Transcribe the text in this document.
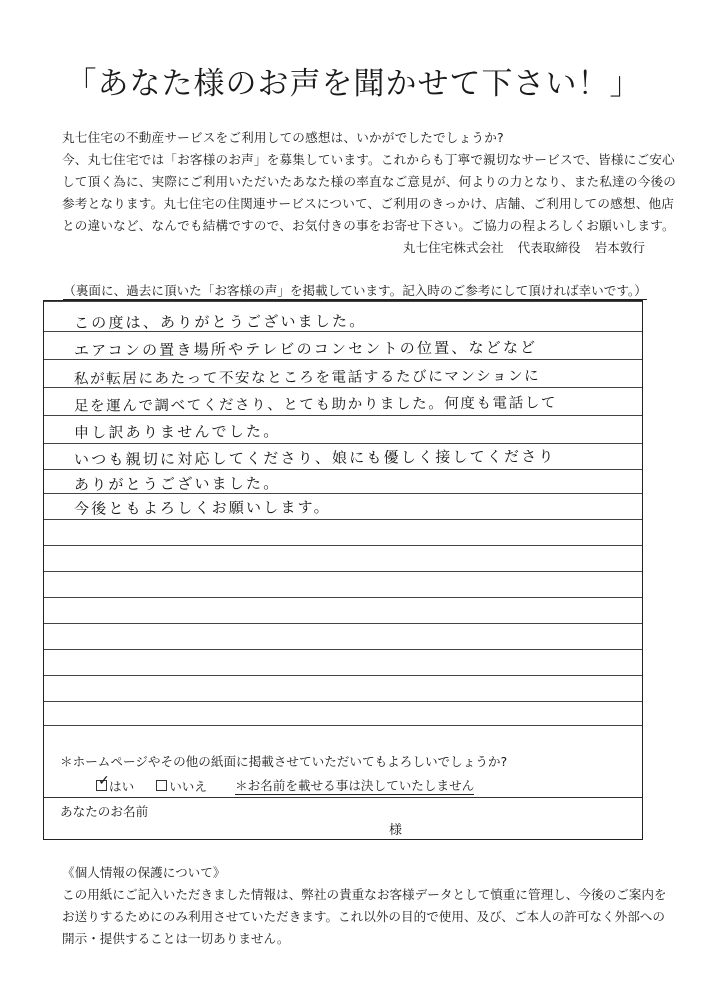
「あなた様のお声を聞かせて下さい！」

丸七住宅の不動産サービスをご利用しての感想は、いかがでしたでしょうか?

今、丸七住宅では「お客様のお声」を募集しています。これからも丁寧で親切なサービスで、皆様にご安心

して頂く為に、実際にご利用いただいたあなた様の率直なご意見が、何よりの力となり、また私達の今後の

参考となります。丸七住宅の住関連サービスについて、ご利用のきっかけ、店舗、ご利用しての感想、他店

との違いなど、なんでも結構ですので、お気付きの事をお寄せ下さい。ご協力の程よろしくお願いします。

丸七住宅株式会社 代表取締役 岩本敦行
（裏面に、過去に頂いた「お客様の声」を掲載しています。記入時のご参考にして頂ければ幸いです。）
この度は、ありがとうございました。
エアコンの置き場所やテレビのコンセントの位置、などなど
私が転居にあたって不安なところを電話するたびにマンションに
足を運んで調べてくださり、とても助かりました。何度も電話して
申し訳ありませんでした。
いつも親切に対応してくださり、娘にも優しく接してくださり
ありがとうございました。
今後ともよろしくお願いします。
＊ホームページやその他の紙面に掲載させていただいてもよろしいでしょうか?
✓ はい	いいえ ＊お名前を載せる事は決していたしません
あなたのお名前
様

《個人情報の保護について》

この用紙にご記入いただきました情報は、弊社の貴重なお客様データとして慎重に管理し、今後のご案内を

お送りするためにのみ利用させていただきます。これ以外の目的で使用、及び、ご本人の許可なく外部への

開示・提供することは一切ありません。
